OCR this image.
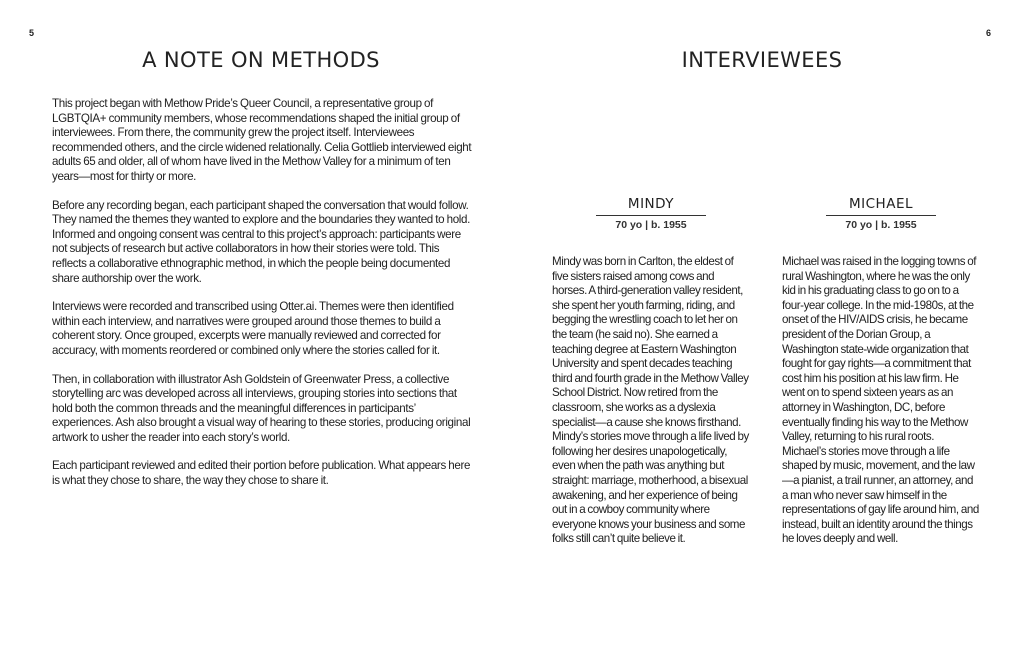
5
A NOTE ON METHODS

This project began with Methow Pride’s Queer Council, a representative group of LGBTQIA+ community members, whose recommendations shaped the initial group of interviewees. From there, the community grew the project itself. Interviewees recommended others, and the circle widened relationally. Celia Gottlieb interviewed eight adults 65 and older, all of whom have lived in the Methow Valley for a minimum of ten years—most for thirty or more.

Before any recording began, each participant shaped the conversation that would follow. They named the themes they wanted to explore and the boundaries they wanted to hold. Informed and ongoing consent was central to this project’s approach: participants were not subjects of research but active collaborators in how their stories were told. This reflects a collaborative ethnographic method, in which the people being documented share authorship over the work.

Interviews were recorded and transcribed using Otter.ai. Themes were then identified within each interview, and narratives were grouped around those themes to build a coherent story. Once grouped, excerpts were manually reviewed and corrected for accuracy, with moments reordered or combined only where the stories called for it.

Then, in collaboration with illustrator Ash Goldstein of Greenwater Press, a collective storytelling arc was developed across all interviews, grouping stories into sections that hold both the common threads and the meaningful differences in participants’ experiences. Ash also brought a visual way of hearing to these stories, producing original artwork to usher the reader into each story’s world.

Each participant reviewed and edited their portion before publication. What appears here is what they chose to share, the way they chose to share it.

6
INTERVIEWEES
MINDY
70 yo | b. 1955

Mindy was born in Carlton, the eldest of five sisters raised among cows and horses. A third-generation valley resident, she spent her youth farming, riding, and begging the wrestling coach to let her on the team (he said no). She earned a teaching degree at Eastern Washington University and spent decades teaching third and fourth grade in the Methow Valley School District. Now retired from the classroom, she works as a dyslexia specialist—a cause she knows firsthand. Mindy’s stories move through a life lived by following her desires unapologetically, even when the path was anything but straight: marriage, motherhood, a bisexual awakening, and her experience of being out in a cowboy community where everyone knows your business and some folks still can’t quite believe it.

MICHAEL
70 yo | b. 1955

Michael was raised in the logging towns of rural Washington, where he was the only kid in his graduating class to go on to a four-year college. In the mid-1980s, at the onset of the HIV/AIDS crisis, he became president of the Dorian Group, a Washington state-wide organization that fought for gay rights—a commitment that cost him his position at his law firm. He went on to spend sixteen years as an attorney in Washington, DC, before eventually finding his way to the Methow Valley, returning to his rural roots. Michael’s stories move through a life shaped by music, movement, and the law—a pianist, a trail runner, an attorney, and a man who never saw himself in the representations of gay life around him, and instead, built an identity around the things he loves deeply and well.
